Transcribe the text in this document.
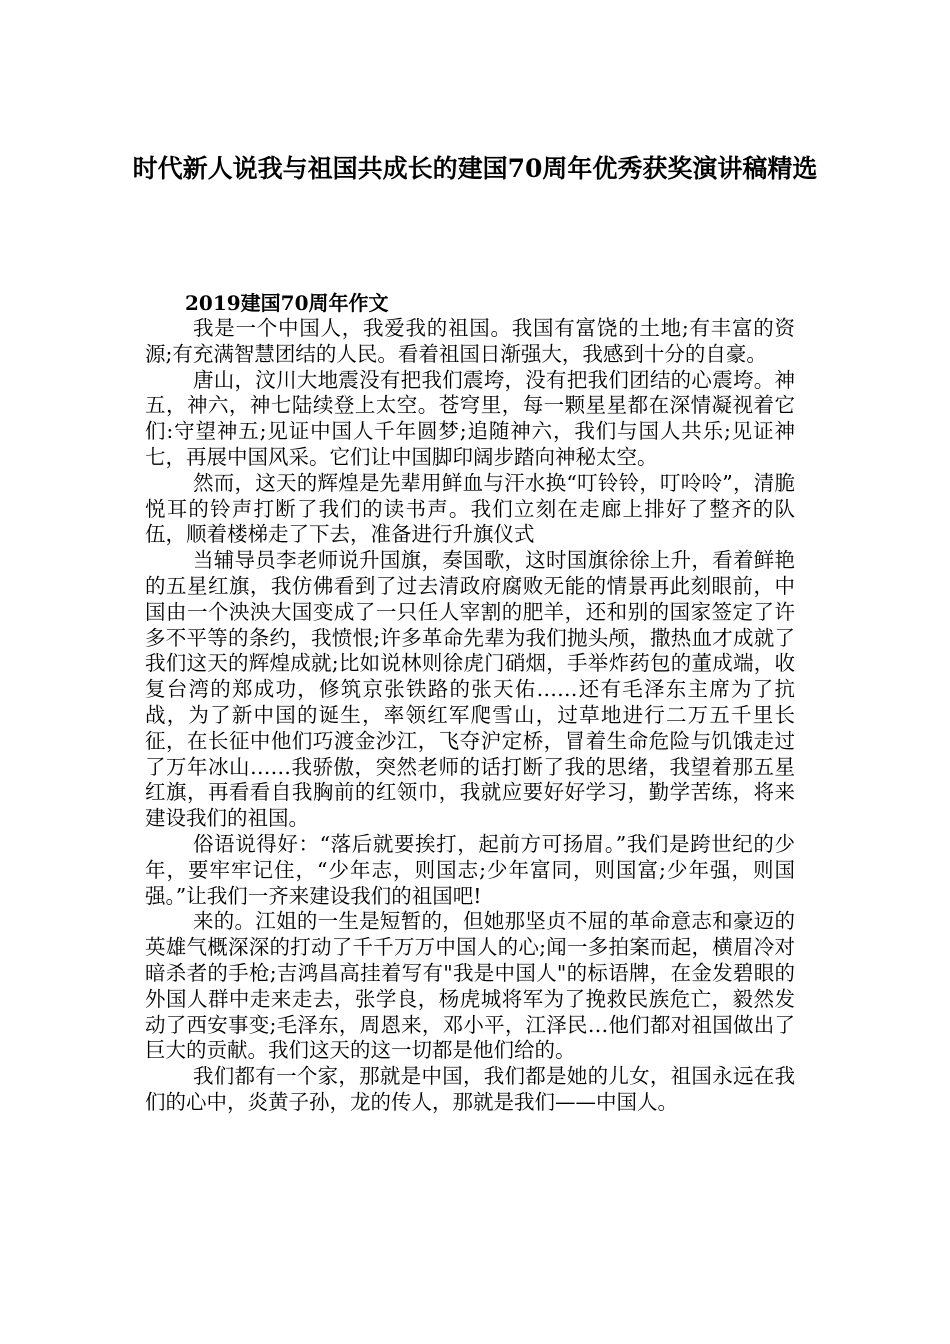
时代新人说我与祖国共成长的建国70周年优秀获奖演讲稿精选

2019建国70周年作文

我是一个中国人，我爱我的祖国。我国有富饶的土地;有丰富的资源;有充满智慧团结的人民。看着祖国日渐强大，我感到十分的自豪。

唐山，汶川大地震没有把我们震垮，没有把我们团结的心震垮。神五，神六，神七陆续登上太空。苍穹里，每一颗星星都在深情凝视着它们:守望神五;见证中国人千年圆梦;追随神六，我们与国人共乐;见证神七，再展中国风采。它们让中国脚印阔步踏向神秘太空。

然而，这天的辉煌是先辈用鲜血与汗水换“叮铃铃，叮呤呤”，清脆悦耳的铃声打断了我们的读书声。我们立刻在走廊上排好了整齐的队伍，顺着楼梯走了下去，准备进行升旗仪式

当辅导员李老师说升国旗，奏国歌，这时国旗徐徐上升，看着鲜艳的五星红旗，我仿佛看到了过去清政府腐败无能的情景再此刻眼前，中国由一个泱泱大国变成了一只任人宰割的肥羊，还和别的国家签定了许多不平等的条约，我愤恨;许多革命先辈为我们抛头颅，撒热血才成就了我们这天的辉煌成就;比如说林则徐虎门硝烟，手举炸药包的董成端，收复台湾的郑成功，修筑京张铁路的张天佑……还有毛泽东主席为了抗战，为了新中国的诞生，率领红军爬雪山，过草地进行二万五千里长征，在长征中他们巧渡金沙江，飞夺沪定桥，冒着生命危险与饥饿走过了万年冰山……我骄傲，突然老师的话打断了我的思绪，我望着那五星红旗，再看看自我胸前的红领巾，我就应要好好学习，勤学苦练，将来建设我们的祖国。

俗语说得好：“落后就要挨打，起前方可扬眉。”我们是跨世纪的少年，要牢牢记住，“少年志，则国志;少年富同，则国富;少年强，则国强。”让我们一齐来建设我们的祖国吧!

来的。江姐的一生是短暂的，但她那坚贞不屈的革命意志和豪迈的英雄气概深深的打动了千千万万中国人的心;闻一多拍案而起，横眉冷对暗杀者的手枪;吉鸿昌高挂着写有"我是中国人"的标语牌，在金发碧眼的外国人群中走来走去，张学良，杨虎城将军为了挽救民族危亡，毅然发动了西安事变;毛泽东，周恩来，邓小平，江泽民…他们都对祖国做出了巨大的贡献。我们这天的这一切都是他们给的。

我们都有一个家，那就是中国，我们都是她的儿女，祖国永远在我们的心中，炎黄子孙，龙的传人，那就是我们——中国人。
